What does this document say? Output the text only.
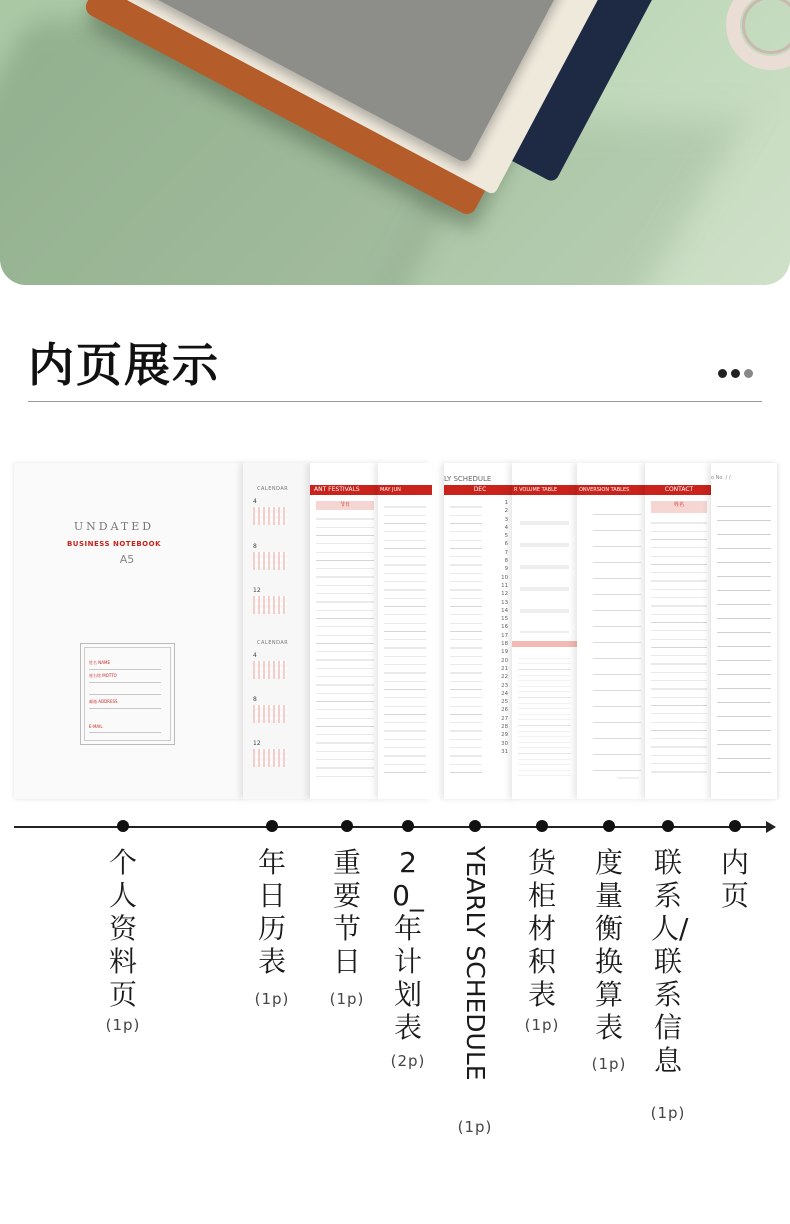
内页展示
UNDATED
BUSINESS NOTEBOOK
A5
姓名 NAME
座右铭 MOTTO
邮箱 ADDRESS
E-MAIL
CALENDAR
4
8
12
CALENDAR
4
8
12
ANT FESTIVALS
节日
MAY JUN
LY SCHEDULE
DEC
1
2
3
4
5
6
7
8
9
10
11
12
13
14
15
16
17
18
19
20
21
22
23
24
25
26
27
28
29
30
31
R VOLUME TABLE	ONVERSION TABLES	CONTACT
姓名
o No. / /
个人资料页
(1p)
年日历表
(1p)
重要节日
(1p)
20_年计划表
(2p)	YEARLY SCHEDULE
(1p)
货柜材积表
(1p)
度量衡换算表
(1p)
联系人/联系信息
(1p)
内页
